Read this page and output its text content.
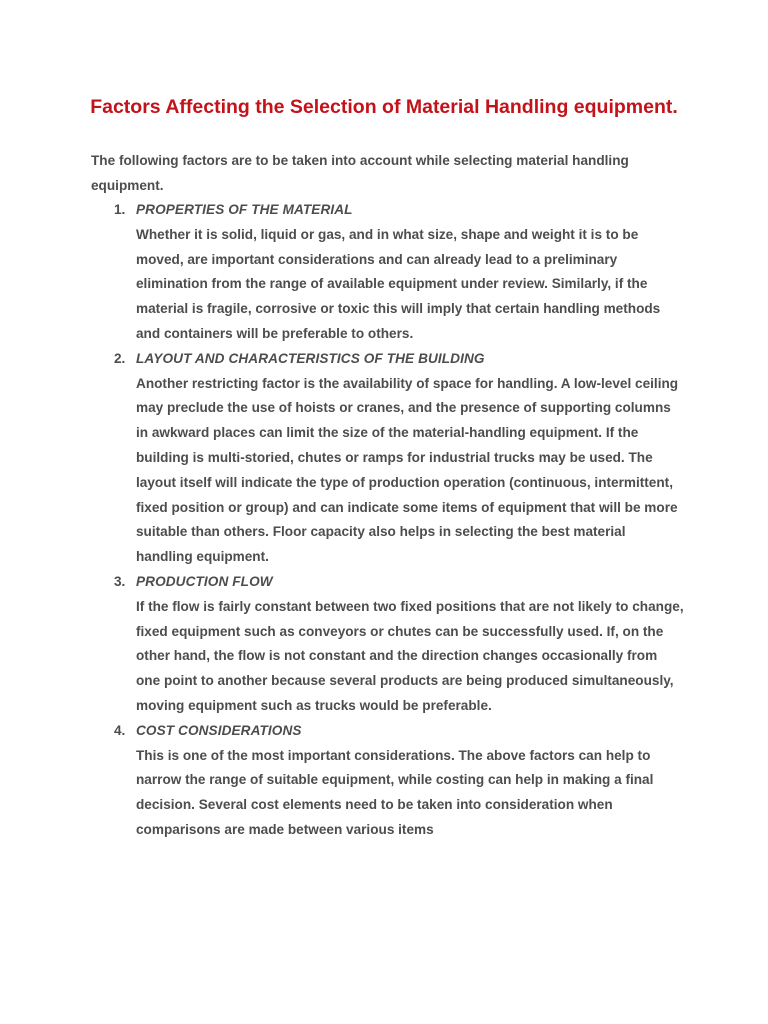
Factors Affecting the Selection of Material Handling equipment.

The following factors are to be taken into account while selecting material handling equipment.

1. PROPERTIES OF THE MATERIAL
Whether it is solid, liquid or gas, and in what size, shape and weight it is to be moved, are important considerations and can already lead to a preliminary elimination from the range of available equipment under review. Similarly, if the material is fragile, corrosive or toxic this will imply that certain handling methods and containers will be preferable to others.
2. LAYOUT AND CHARACTERISTICS OF THE BUILDING
Another restricting factor is the availability of space for handling. A low-level ceiling may preclude the use of hoists or cranes, and the presence of supporting columns in awkward places can limit the size of the material-handling equipment. If the building is multi-storied, chutes or ramps for industrial trucks may be used. The layout itself will indicate the type of production operation (continuous, intermittent, fixed position or group) and can indicate some items of equipment that will be more suitable than others. Floor capacity also helps in selecting the best material handling equipment.
3. PRODUCTION FLOW
If the flow is fairly constant between two fixed positions that are not likely to change, fixed equipment such as conveyors or chutes can be successfully used. If, on the other hand, the flow is not constant and the direction changes occasionally from one point to another because several products are being produced simultaneously, moving equipment such as trucks would be preferable.
4. COST CONSIDERATIONS
This is one of the most important considerations. The above factors can help to narrow the range of suitable equipment, while costing can help in making a final decision. Several cost elements need to be taken into consideration when comparisons are made between various items
